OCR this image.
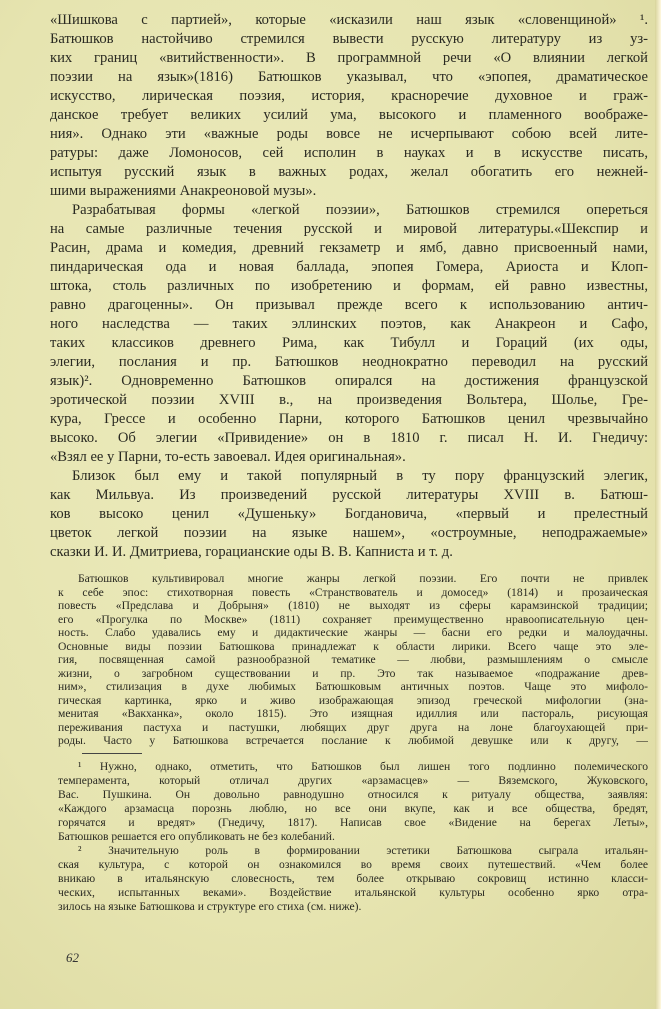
«Шишкова с партией», которые «исказили наш язык «словенщиной» ¹.
Батюшков настойчиво стремился вывести русскую литературу из уз-
ких границ «витийственности». В программной речи «О влиянии легкой
поэзии на язык»(1816) Батюшков указывал, что «эпопея, драматическое
искусство, лирическая поэзия, история, красноречие духовное и граж-
данское требует великих усилий ума, высокого и пламенного воображе-
ния». Однако эти «важные роды вовсе не исчерпывают собою всей лите-
ратуры: даже Ломоносов, сей исполин в науках и в искусстве писать,
испытуя русский язык в важных родах, желал обогатить его нежней-
шими выражениями Анакреоновой музы».
Разрабатывая формы «легкой поэзии», Батюшков стремился опереться
на самые различные течения русской и мировой литературы.«Шекспир и
Расин, драма и комедия, древний гекзаметр и ямб, давно присвоенный нами,
пиндарическая ода и новая баллада, эпопея Гомера, Ариоста и Клоп-
штока, столь различных по изобретению и формам, ей равно известны,
равно драгоценны». Он призывал прежде всего к использованию антич-
ного наследства — таких эллинских поэтов, как Анакреон и Сафо,
таких классиков древнего Рима, как Тибулл и Гораций (их оды,
элегии, послания и пр. Батюшков неоднократно переводил на русский
язык)². Одновременно Батюшков опирался на достижения французской
эротической поэзии XVIII в., на произведения Вольтера, Шолье, Гре-
кура, Грессе и особенно Парни, которого Батюшков ценил чрезвычайно
высоко. Об элегии «Привидение» он в 1810 г. писал Н. И. Гнедичу:
«Взял ее у Парни, то-есть завоевал. Идея оригинальная».
Близок был ему и такой популярный в ту пору французский элегик,
как Мильвуа. Из произведений русской литературы XVIII в. Батюш-
ков высоко ценил «Душеньку» Богдановича, «первый и прелестный
цветок легкой поэзии на языке нашем», «остроумные, неподражаемые»
сказки И. И. Дмитриева, горацианские оды В. В. Капниста и т. д.
Батюшков культивировал многие жанры легкой поэзии. Его почти не привлек
к себе эпос: стихотворная повесть «Странствователь и домосед» (1814) и прозаическая
повесть «Предслава и Добрыня» (1810) не выходят из сферы карамзинской традиции;
его «Прогулка по Москве» (1811) сохраняет преимущественно нравоописательную цен-
ность. Слабо удавались ему и дидактические жанры — басни его редки и малоудачны.
Основные виды поэзии Батюшкова принадлежат к области лирики. Всего чаще это эле-
гия, посвященная самой разнообразной тематике — любви, размышлениям о смысле
жизни, о загробном существовании и пр. Это так называемое «подражание древ-
ним», стилизация в духе любимых Батюшковым античных поэтов. Чаще это мифоло-
гическая картинка, ярко и живо изображающая эпизод греческой мифологии (зна-
менитая «Вакханка», около 1815). Это изящная идиллия или пастораль, рисующая
переживания пастуха и пастушки, любящих друг друга на лоне благоухающей при-
роды. Часто у Батюшкова встречается послание к любимой девушке или к другу, —
¹ Нужно, однако, отметить, что Батюшков был лишен того подлинно полемического
темперамента, который отличал других «арзамасцев» — Вяземского, Жуковского,
Вас. Пушкина. Он довольно равнодушно относился к ритуалу общества, заявляя:
«Каждого арзамасца порознь люблю, но все они вкупе, как и все общества, бредят,
горячатся и вредят» (Гнедичу, 1817). Написав свое «Видение на берегах Леты»,
Батюшков решается его опубликовать не без колебаний.
² Значительную роль в формировании эстетики Батюшкова сыграла итальян-
ская культура, с которой он ознакомился во время своих путешествий. «Чем более
вникаю в итальянскую словесность, тем более открываю сокровищ истинно класси-
ческих, испытанных веками». Воздействие итальянской культуры особенно ярко отра-
зилось на языке Батюшкова и структуре его стиха (см. ниже).
62
